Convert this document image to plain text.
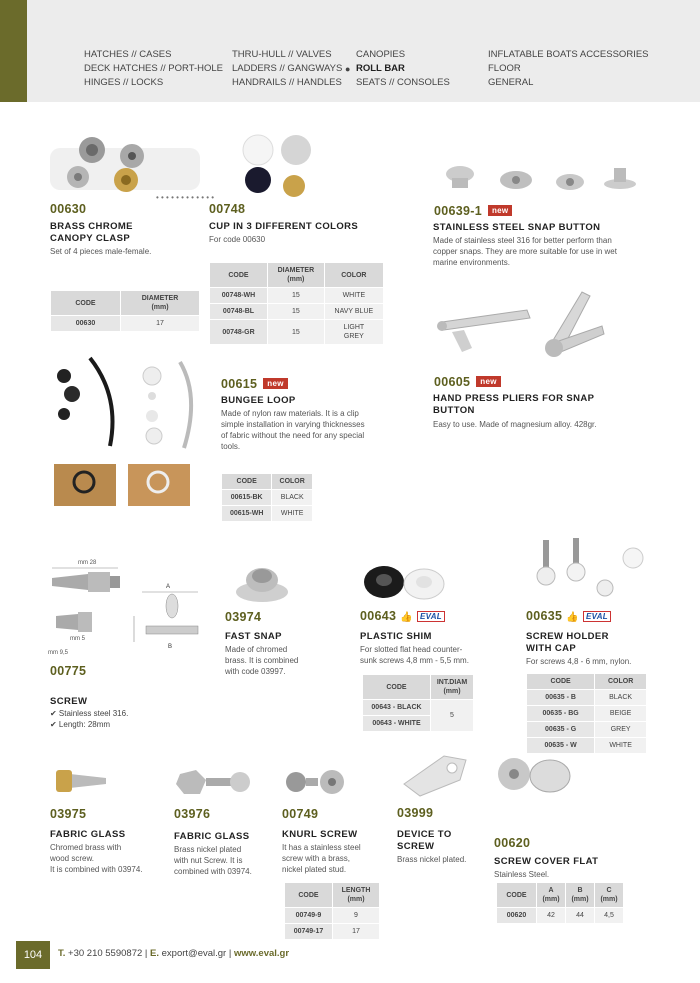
HATCHES // CASES
DECK HATCHES // PORT-HOLE
HINGES // LOCKS
THRU-HULL // VALVES
LADDERS // GANGWAYS
HANDRAILS // HANDLES
CANOPIES
● ROLL BAR
SEATS // CONSOLES
INFLATABLE BOATS ACCESSORIES
FLOOR
GENERAL
00630
BRASS CHROME
CANOPY CLASP
Set of 4 pieces male-female.
CODE	DIAMETER
(mm)
00630	17
• • • • • • • • • • • •
00748
CUP IN 3 DIFFERENT COLORS
For code 00630
CODE	DIAMETER
(mm)	COLOR
00748-WH	15	WHITE
00748-BL	15	NAVY BLUE
00748-GR	15	LIGHT
GREY
00639-1 new
STAINLESS STEEL SNAP BUTTON
Made of stainless steel 316 for better perform than
copper snaps. They are more suitable for use in wet
marine environments.
00615 new
BUNGEE LOOP
Made of nylon raw materials. It is a clip
simple installation in varying thicknesses
of fabric without the need for any special
tools.
CODE	COLOR
00615-BK	BLACK
00615-WH	WHITE
00605 new
HAND PRESS PLIERS FOR SNAP
BUTTON
Easy to use. Made of magnesium alloy. 428gr.
mm 28
mm 5
mm 9,5
A
B
00775
SCREW
✔ Stainless steel 316.
✔ Length: 28mm
03974
FAST SNAP
Made of chromed
brass. It is combined
with code 03997.
00643 👍 EVAL
PLASTIC SHIM
For slotted flat head counter-
sunk screws 4,8 mm - 5,5 mm.
CODE	INT.DIAM
(mm)
00643 - BLACK	5
00643 - WHITE	
00635 👍 EVAL
SCREW HOLDER
WITH CAP
For screws 4,8 - 6 mm, nylon.
CODE	COLOR
00635 - B	BLACK
00635 - BG	BEIGE
00635 - G	GREY
00635 - W	WHITE
03975
FABRIC GLASS
Chromed brass with
wood screw.
It is combined with 03974.
03976
FABRIC GLASS
Brass nickel plated
with nut Screw. It is
combined with 03974.
00749
KNURL SCREW
It has a stainless steel
screw with a brass,
nickel plated stud.
CODE	LENGTH
(mm)
00749-9	9
00749-17	17
03999
DEVICE TO
SCREW
Brass nickel plated.
00620
SCREW COVER FLAT
Stainless Steel.
CODE	A
(mm)	B
(mm)	C
(mm)
00620	42	44	4,5
104	T. +30 210 5590872 | E. export@eval.gr | www.eval.gr
